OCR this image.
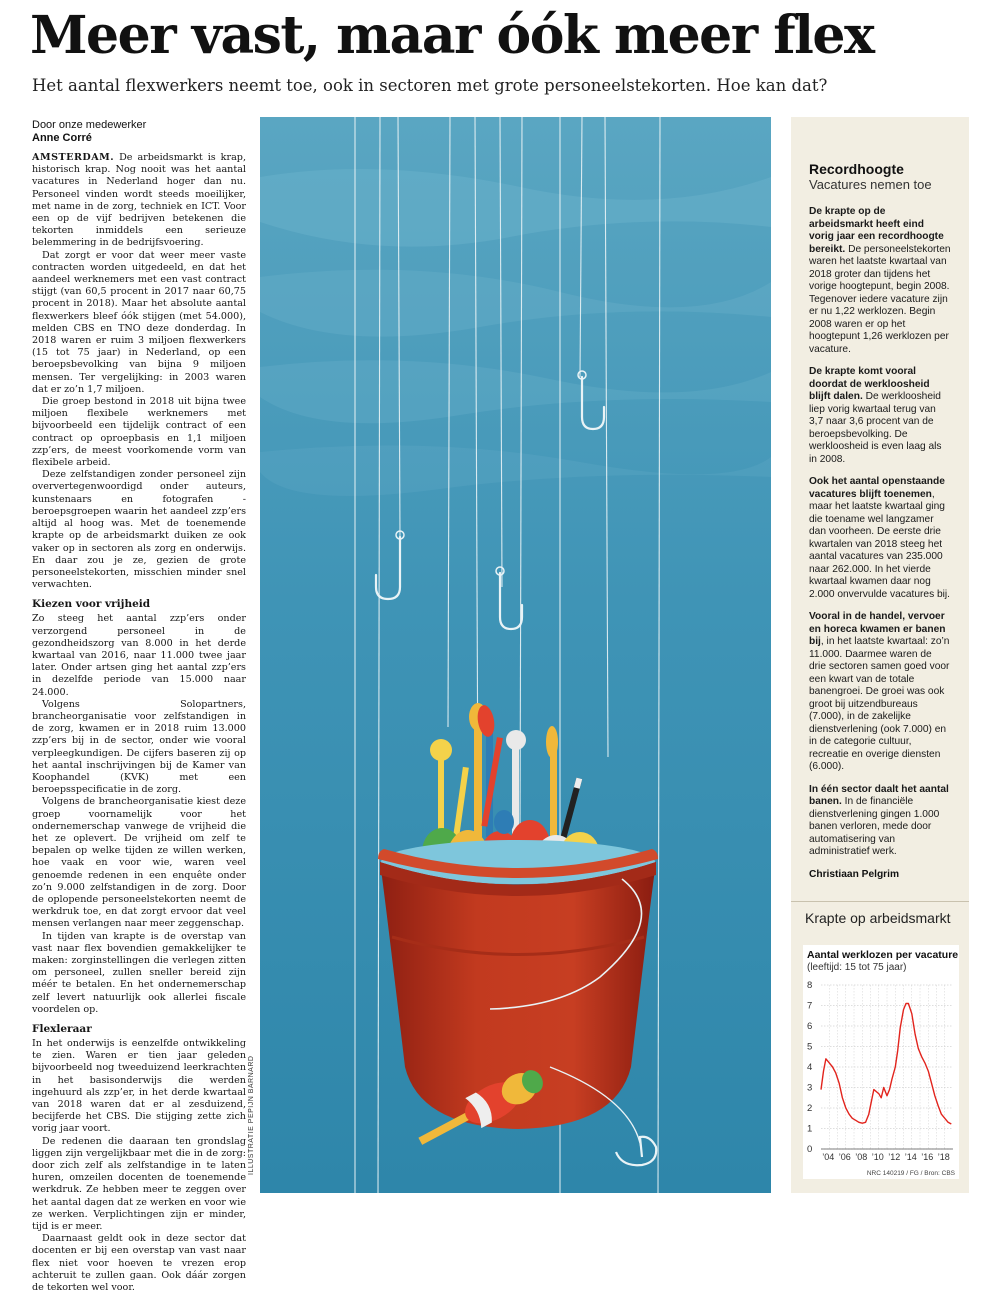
Meer vast, maar óók meer flex

Het aantal flexwerkers neemt toe, ook in sectoren met grote personeelstekorten. Hoe kan dat?

Door onze medewerker
Anne Corré

AMSTERDAM. De arbeidsmarkt is krap, historisch krap. Nog nooit was het aantal vacatures in Nederland hoger dan nu. Personeel vinden wordt steeds moeilijker, met name in de zorg, techniek en ICT. Voor een op de vijf bedrijven betekenen die tekorten inmiddels een serieuze belemmering in de bedrijfsvoering.

Dat zorgt er voor dat weer meer vaste contracten worden uitgedeeld, en dat het aandeel werknemers met een vast contract stijgt (van 60,5 procent in 2017 naar 60,75 procent in 2018). Maar het absolute aantal flexwerkers bleef óók stijgen (met 54.000), melden CBS en TNO deze donderdag. In 2018 waren er ruim 3 miljoen flexwerkers (15 tot 75 jaar) in Nederland, op een beroepsbevolking van bijna 9 miljoen mensen. Ter vergelijking: in 2003 waren dat er zo’n 1,7 miljoen.

Die groep bestond in 2018 uit bijna twee miljoen flexibele werknemers met bijvoorbeeld een tijdelijk contract of een contract op oproepbasis en 1,1 miljoen zzp’ers, de meest voorkomende vorm van flexibele arbeid.

Deze zelfstandigen zonder personeel zijn oververtegenwoordigd onder auteurs, kunstenaars en fotografen - beroepsgroepen waarin het aandeel zzp’ers altijd al hoog was. Met de toenemende krapte op de arbeidsmarkt duiken ze ook vaker op in sectoren als zorg en onderwijs. En daar zou je ze, gezien de grote personeelstekorten, misschien minder snel verwachten.

Kiezen voor vrijheid

Zo steeg het aantal zzp’ers onder verzorgend personeel in de gezondheidszorg van 8.000 in het derde kwartaal van 2016, naar 11.000 twee jaar later. Onder artsen ging het aantal zzp’ers in dezelfde periode van 15.000 naar 24.000.

Volgens Solopartners, brancheorganisatie voor zelfstandigen in de zorg, kwamen er in 2018 ruim 13.000 zzp’ers bij in de sector, onder wie vooral verpleegkundigen. De cijfers baseren zij op het aantal inschrijvingen bij de Kamer van Koophandel (KVK) met een beroepsspecificatie in de zorg.

Volgens de brancheorganisatie kiest deze groep voornamelijk voor het ondernemerschap vanwege de vrijheid die het ze oplevert. De vrijheid om zelf te bepalen op welke tijden ze willen werken, hoe vaak en voor wie, waren veel genoemde redenen in een enquête onder zo’n 9.000 zelfstandigen in de zorg. Door de oplopende personeelstekorten neemt de werkdruk toe, en dat zorgt ervoor dat veel mensen verlangen naar meer zeggenschap.

In tijden van krapte is de overstap van vast naar flex bovendien gemakkelijker te maken: zorginstellingen die verlegen zitten om personeel, zullen sneller bereid zijn méér te betalen. En het ondernemerschap zelf levert natuurlijk ook allerlei fiscale voordelen op.

Flexleraar

In het onderwijs is eenzelfde ontwikkeling te zien. Waren er tien jaar geleden bijvoorbeeld nog tweeduizend leerkrachten in het basisonderwijs die werden ingehuurd als zzp’er, in het derde kwartaal van 2018 waren dat er al zesduizend, becijferde het CBS. Die stijging zette zich vorig jaar voort.

De redenen die daaraan ten grondslag liggen zijn vergelijkbaar met die in de zorg: door zich zelf als zelfstandige in te laten huren, omzeilen docenten de toenemende werkdruk. Ze hebben meer te zeggen over het aantal dagen dat ze werken en voor wie ze werken. Verplichtingen zijn er minder, tijd is er meer.

Daarnaast geldt ook in deze sector dat docenten er bij een overstap van vast naar flex niet voor hoeven te vrezen erop achteruit te zullen gaan. Ook dáár zorgen de tekorten wel voor.

ILLUSTRATIE PEPIJN BARNARD

Recordhoogte

Vacatures nemen toe

De krapte op de arbeidsmarkt heeft eind vorig jaar een recordhoogte bereikt. De personeelstekorten waren het laatste kwartaal van 2018 groter dan tijdens het vorige hoogtepunt, begin 2008. Tegenover iedere vacature zijn er nu 1,22 werklozen. Begin 2008 waren er op het hoogtepunt 1,26 werklozen per vacature.

De krapte komt vooral doordat de werkloosheid blijft dalen. De werkloosheid liep vorig kwartaal terug van 3,7 naar 3,6 procent van de beroepsbevolking. De werkloosheid is even laag als in 2008.

Ook het aantal openstaande vacatures blijft toenemen, maar het laatste kwartaal ging die toename wel langzamer dan voorheen. De eerste drie kwartalen van 2018 steeg het aantal vacatures van 235.000 naar 262.000. In het vierde kwartaal kwamen daar nog 2.000 onvervulde vacatures bij.

Vooral in de handel, vervoer en horeca kwamen er banen bij, in het laatste kwartaal: zo’n 11.000. Daarmee waren de drie sectoren samen goed voor een kwart van de totale banengroei. De groei was ook groot bij uitzendbureaus (7.000), in de zakelijke dienstverlening (ook 7.000) en in de categorie cultuur, recreatie en overige diensten (6.000).

In één sector daalt het aantal banen. In de financiële dienstverlening gingen 1.000 banen verloren, mede door automatisering van administratief werk.

Christiaan Pelgrim

Krapte op arbeidsmarkt

Aantal werklozen per vacature

(leeftijd: 15 tot 75 jaar)

0
1
2
3
4
5
6
7
8
’04 ’06 ’08 ’10 ’12 ’14 ’16 ’18

NRC 140219 / FG / Bron: CBS
